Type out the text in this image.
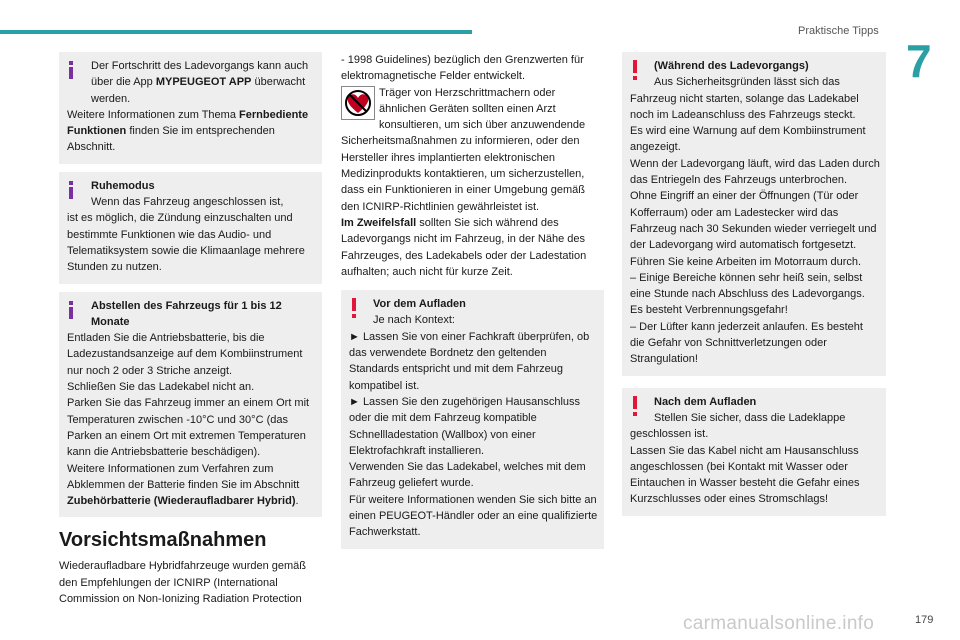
Praktische Tipps
7

Der Fortschritt des Ladevorgangs kann auch über die App MYPEUGEOT APP überwacht werden.

Weitere Informationen zum Thema Fernbediente Funktionen finden Sie im entsprechenden Abschnitt.

Ruhemodus

Wenn das Fahrzeug angeschlossen ist,

ist es möglich, die Zündung einzuschalten und bestimmte Funktionen wie das Audio- und Telematiksystem sowie die Klimaanlage mehrere Stunden zu nutzen.

Abstellen des Fahrzeugs für 1 bis 12 Monate

Entladen Sie die Antriebsbatterie, bis die Ladezustandsanzeige auf dem Kombiinstrument nur noch 2 oder 3 Striche anzeigt.

Schließen Sie das Ladekabel nicht an.

Parken Sie das Fahrzeug immer an einem Ort mit Temperaturen zwischen -10°C und 30°C (das Parken an einem Ort mit extremen Temperaturen kann die Antriebsbatterie beschädigen).

Weitere Informationen zum Verfahren zum Abklemmen der Batterie finden Sie im Abschnitt Zubehörbatterie (Wiederaufladbarer Hybrid).

Vorsichtsmaßnahmen

Wiederaufladbare Hybridfahrzeuge wurden gemäß den Empfehlungen der ICNIRP (International Commission on Non-Ionizing Radiation Protection

- 1998 Guidelines) bezüglich den Grenzwerten für elektromagnetische Felder entwickelt.

Träger von Herzschrittmachern oder ähnlichen Geräten sollten einen Arzt konsultieren, um sich über anzuwendende Sicherheitsmaßnahmen zu informieren, oder den Hersteller ihres implantierten elektronischen Medizinprodukts kontaktieren, um sicherzustellen, dass ein Funktionieren in einer Umgebung gemäß den ICNIRP-Richtlinien gewährleistet ist.

Im Zweifelsfall sollten Sie sich während des Ladevorgangs nicht im Fahrzeug, in der Nähe des Fahrzeuges, des Ladekabels oder der Ladestation aufhalten; auch nicht für kurze Zeit.

Vor dem Aufladen

Je nach Kontext:

► Lassen Sie von einer Fachkraft überprüfen, ob das verwendete Bordnetz den geltenden Standards entspricht und mit dem Fahrzeug kompatibel ist.

► Lassen Sie den zugehörigen Hausanschluss oder die mit dem Fahrzeug kompatible Schnellladestation (Wallbox) von einer Elektrofachkraft installieren.

Verwenden Sie das Ladekabel, welches mit dem Fahrzeug geliefert wurde.

Für weitere Informationen wenden Sie sich bitte an einen PEUGEOT-Händler oder an eine qualifizierte Fachwerkstatt.

(Während des Ladevorgangs)

Aus Sicherheitsgründen lässt sich das

Fahrzeug nicht starten, solange das Ladekabel noch im Ladeanschluss des Fahrzeugs steckt.

Es wird eine Warnung auf dem Kombiinstrument angezeigt.

Wenn der Ladevorgang läuft, wird das Laden durch das Entriegeln des Fahrzeugs unterbrochen.

Ohne Eingriff an einer der Öffnungen (Tür oder Kofferraum) oder am Ladestecker wird das Fahrzeug nach 30 Sekunden wieder verriegelt und der Ladevorgang wird automatisch fortgesetzt.

Führen Sie keine Arbeiten im Motorraum durch.

– Einige Bereiche können sehr heiß sein, selbst eine Stunde nach Abschluss des Ladevorgangs. Es besteht Verbrennungsgefahr!

– Der Lüfter kann jederzeit anlaufen. Es besteht die Gefahr von Schnittverletzungen oder Strangulation!

Nach dem Aufladen

Stellen Sie sicher, dass die Ladeklappe

geschlossen ist.

Lassen Sie das Kabel nicht am Hausanschluss angeschlossen (bei Kontakt mit Wasser oder Eintauchen in Wasser besteht die Gefahr eines Kurzschlusses oder eines Stromschlags!

carmanualsonline.info	179
